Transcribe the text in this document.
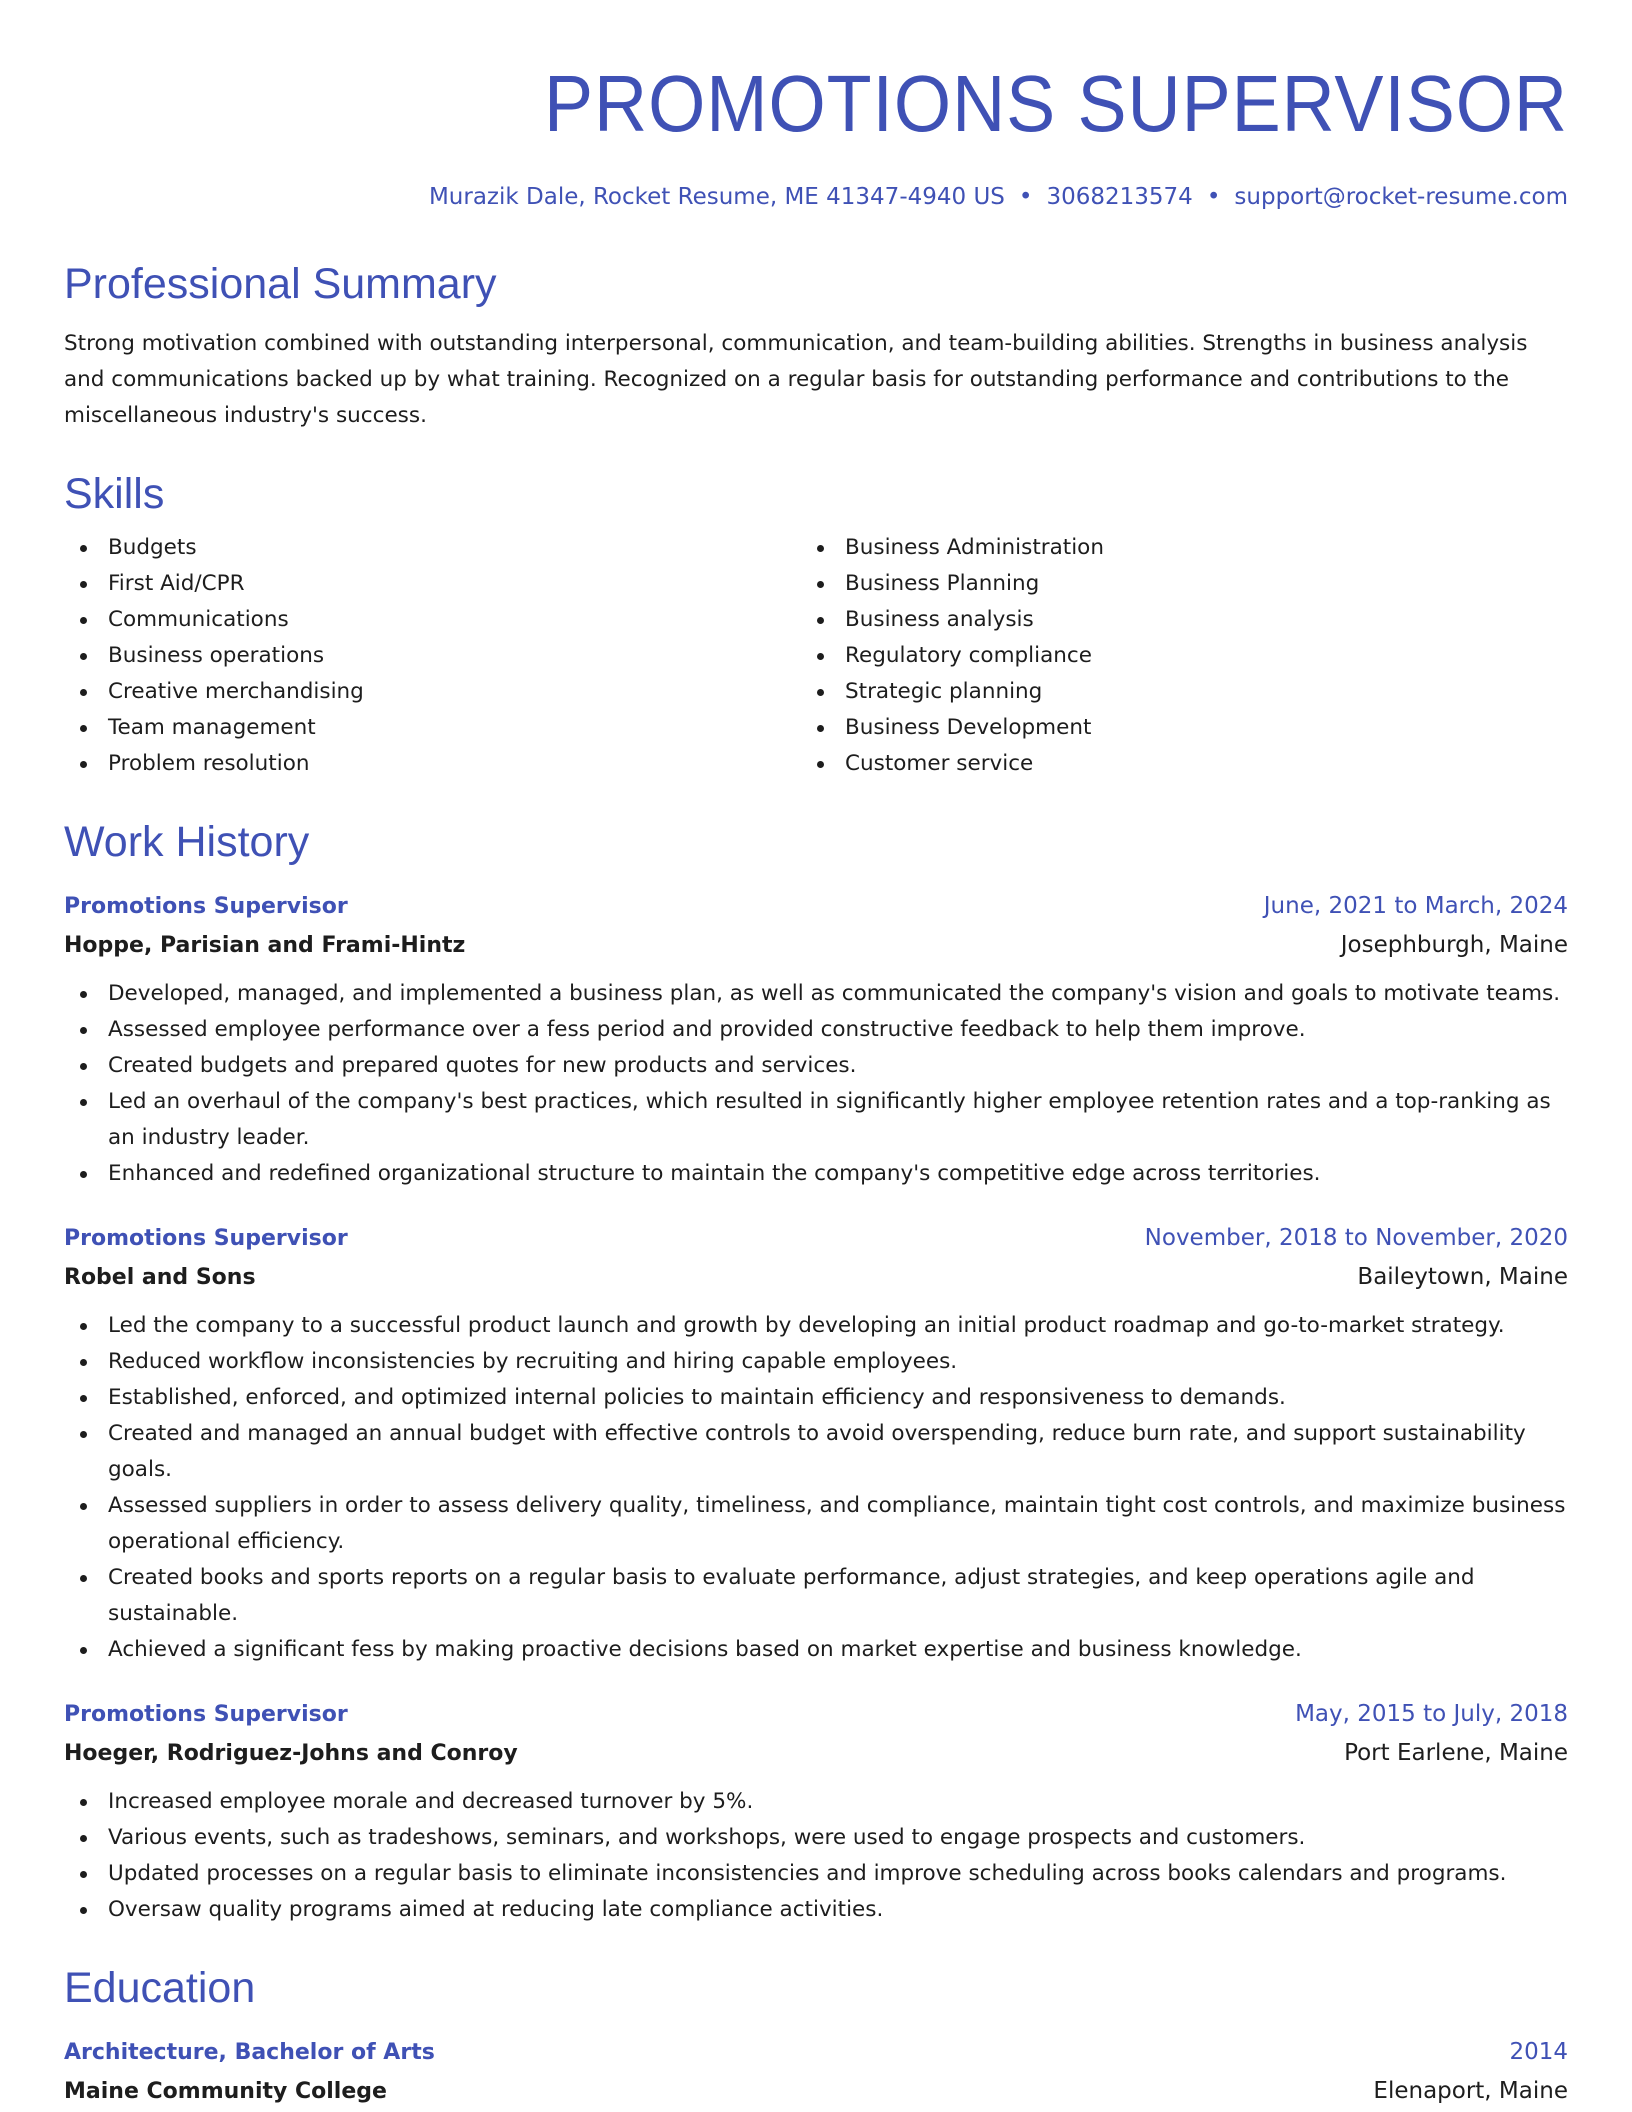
PROMOTIONS SUPERVISOR
Murazik Dale, Rocket Resume, ME 41347-4940 US • 3068213574 • support@rocket-resume.com
Professional Summary
Strong motivation combined with outstanding interpersonal, communication, and team-building abilities. Strengths in business analysis and communications backed up by what training. Recognized on a regular basis for outstanding performance and contributions to the miscellaneous industry's success.
Skills
Budgets
First Aid/CPR
Communications
Business operations
Creative merchandising
Team management
Problem resolution
Business Administration
Business Planning
Business analysis
Regulatory compliance
Strategic planning
Business Development
Customer service
Work History
Promotions Supervisor	June, 2021 to March, 2024
Hoppe, Parisian and Frami-Hintz	Josephburgh, Maine
Developed, managed, and implemented a business plan, as well as communicated the company's vision and goals to motivate teams.
Assessed employee performance over a fess period and provided constructive feedback to help them improve.
Created budgets and prepared quotes for new products and services.
Led an overhaul of the company's best practices, which resulted in significantly higher employee retention rates and a top-ranking as an industry leader.
Enhanced and redefined organizational structure to maintain the company's competitive edge across territories.
Promotions Supervisor	November, 2018 to November, 2020
Robel and Sons	Baileytown, Maine
Led the company to a successful product launch and growth by developing an initial product roadmap and go-to-market strategy.
Reduced workflow inconsistencies by recruiting and hiring capable employees.
Established, enforced, and optimized internal policies to maintain efficiency and responsiveness to demands.
Created and managed an annual budget with effective controls to avoid overspending, reduce burn rate, and support sustainability goals.
Assessed suppliers in order to assess delivery quality, timeliness, and compliance, maintain tight cost controls, and maximize business operational efficiency.
Created books and sports reports on a regular basis to evaluate performance, adjust strategies, and keep operations agile and sustainable.
Achieved a significant fess by making proactive decisions based on market expertise and business knowledge.
Promotions Supervisor	May, 2015 to July, 2018
Hoeger, Rodriguez-Johns and Conroy	Port Earlene, Maine
Increased employee morale and decreased turnover by 5%.
Various events, such as tradeshows, seminars, and workshops, were used to engage prospects and customers.
Updated processes on a regular basis to eliminate inconsistencies and improve scheduling across books calendars and programs.
Oversaw quality programs aimed at reducing late compliance activities.
Education
Architecture, Bachelor of Arts	2014
Maine Community College	Elenaport, Maine
